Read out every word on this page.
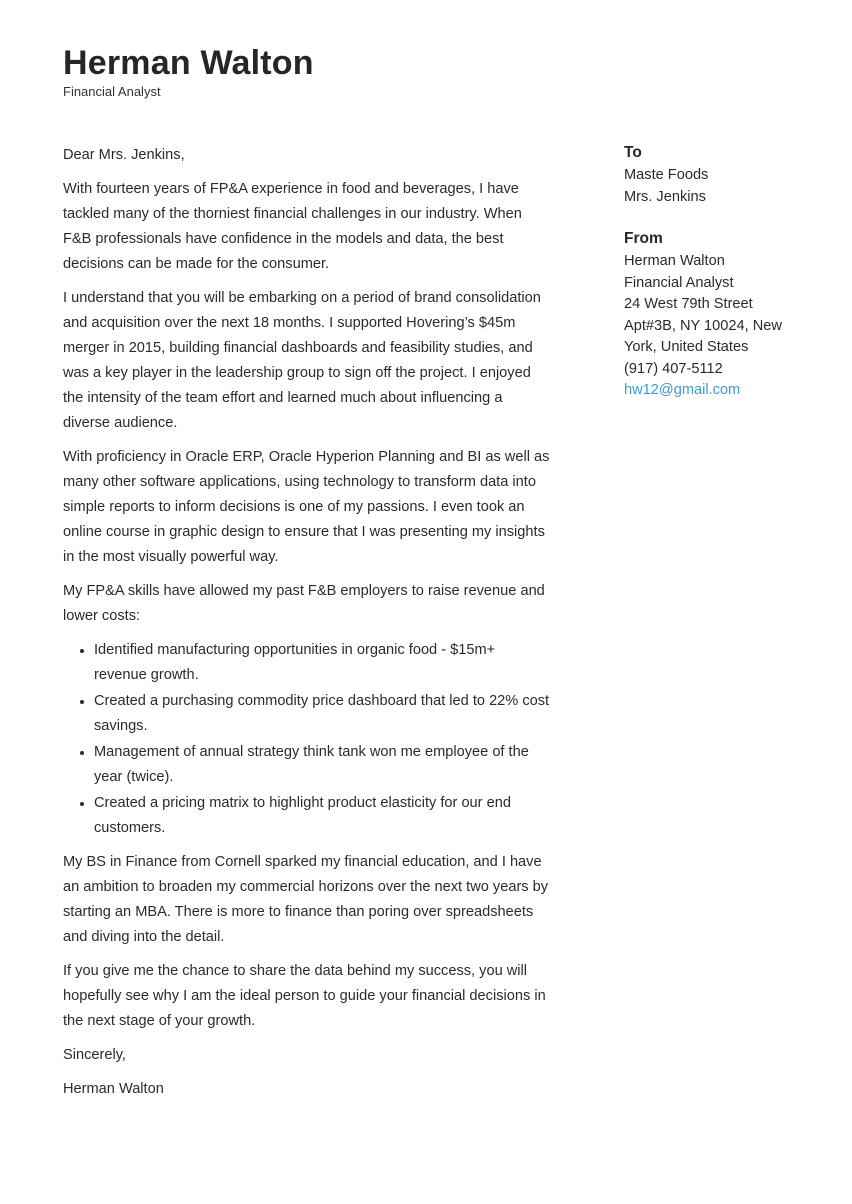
Herman Walton
Financial Analyst

Dear Mrs. Jenkins,

With fourteen years of FP&A experience in food and beverages, I have tackled many of the thorniest financial challenges in our industry. When F&B professionals have confidence in the models and data, the best decisions can be made for the consumer.

I understand that you will be embarking on a period of brand consolidation and acquisition over the next 18 months. I supported Hovering’s $45m merger in 2015, building financial dashboards and feasibility studies, and was a key player in the leadership group to sign off the project. I enjoyed the intensity of the team effort and learned much about influencing a diverse audience.

With proficiency in Oracle ERP, Oracle Hyperion Planning and BI as well as many other software applications, using technology to transform data into simple reports to inform decisions is one of my passions. I even took an online course in graphic design to ensure that I was presenting my insights in the most visually powerful way.

My FP&A skills have allowed my past F&B employers to raise revenue and lower costs:

• Identified manufacturing opportunities in organic food - $15m+ revenue growth.
• Created a purchasing commodity price dashboard that led to 22% cost savings.
• Management of annual strategy think tank won me employee of the year (twice).
• Created a pricing matrix to highlight product elasticity for our end customers.

My BS in Finance from Cornell sparked my financial education, and I have an ambition to broaden my commercial horizons over the next two years by starting an MBA. There is more to finance than poring over spreadsheets and diving into the detail.

If you give me the chance to share the data behind my success, you will hopefully see why I am the ideal person to guide your financial decisions in the next stage of your growth.

Sincerely,

Herman Walton

To
Maste Foods
Mrs. Jenkins
From
Herman Walton
Financial Analyst
24 West 79th Street Apt#3B, NY 10024, New York, United States
(917) 407-5112
hw12@gmail.com
